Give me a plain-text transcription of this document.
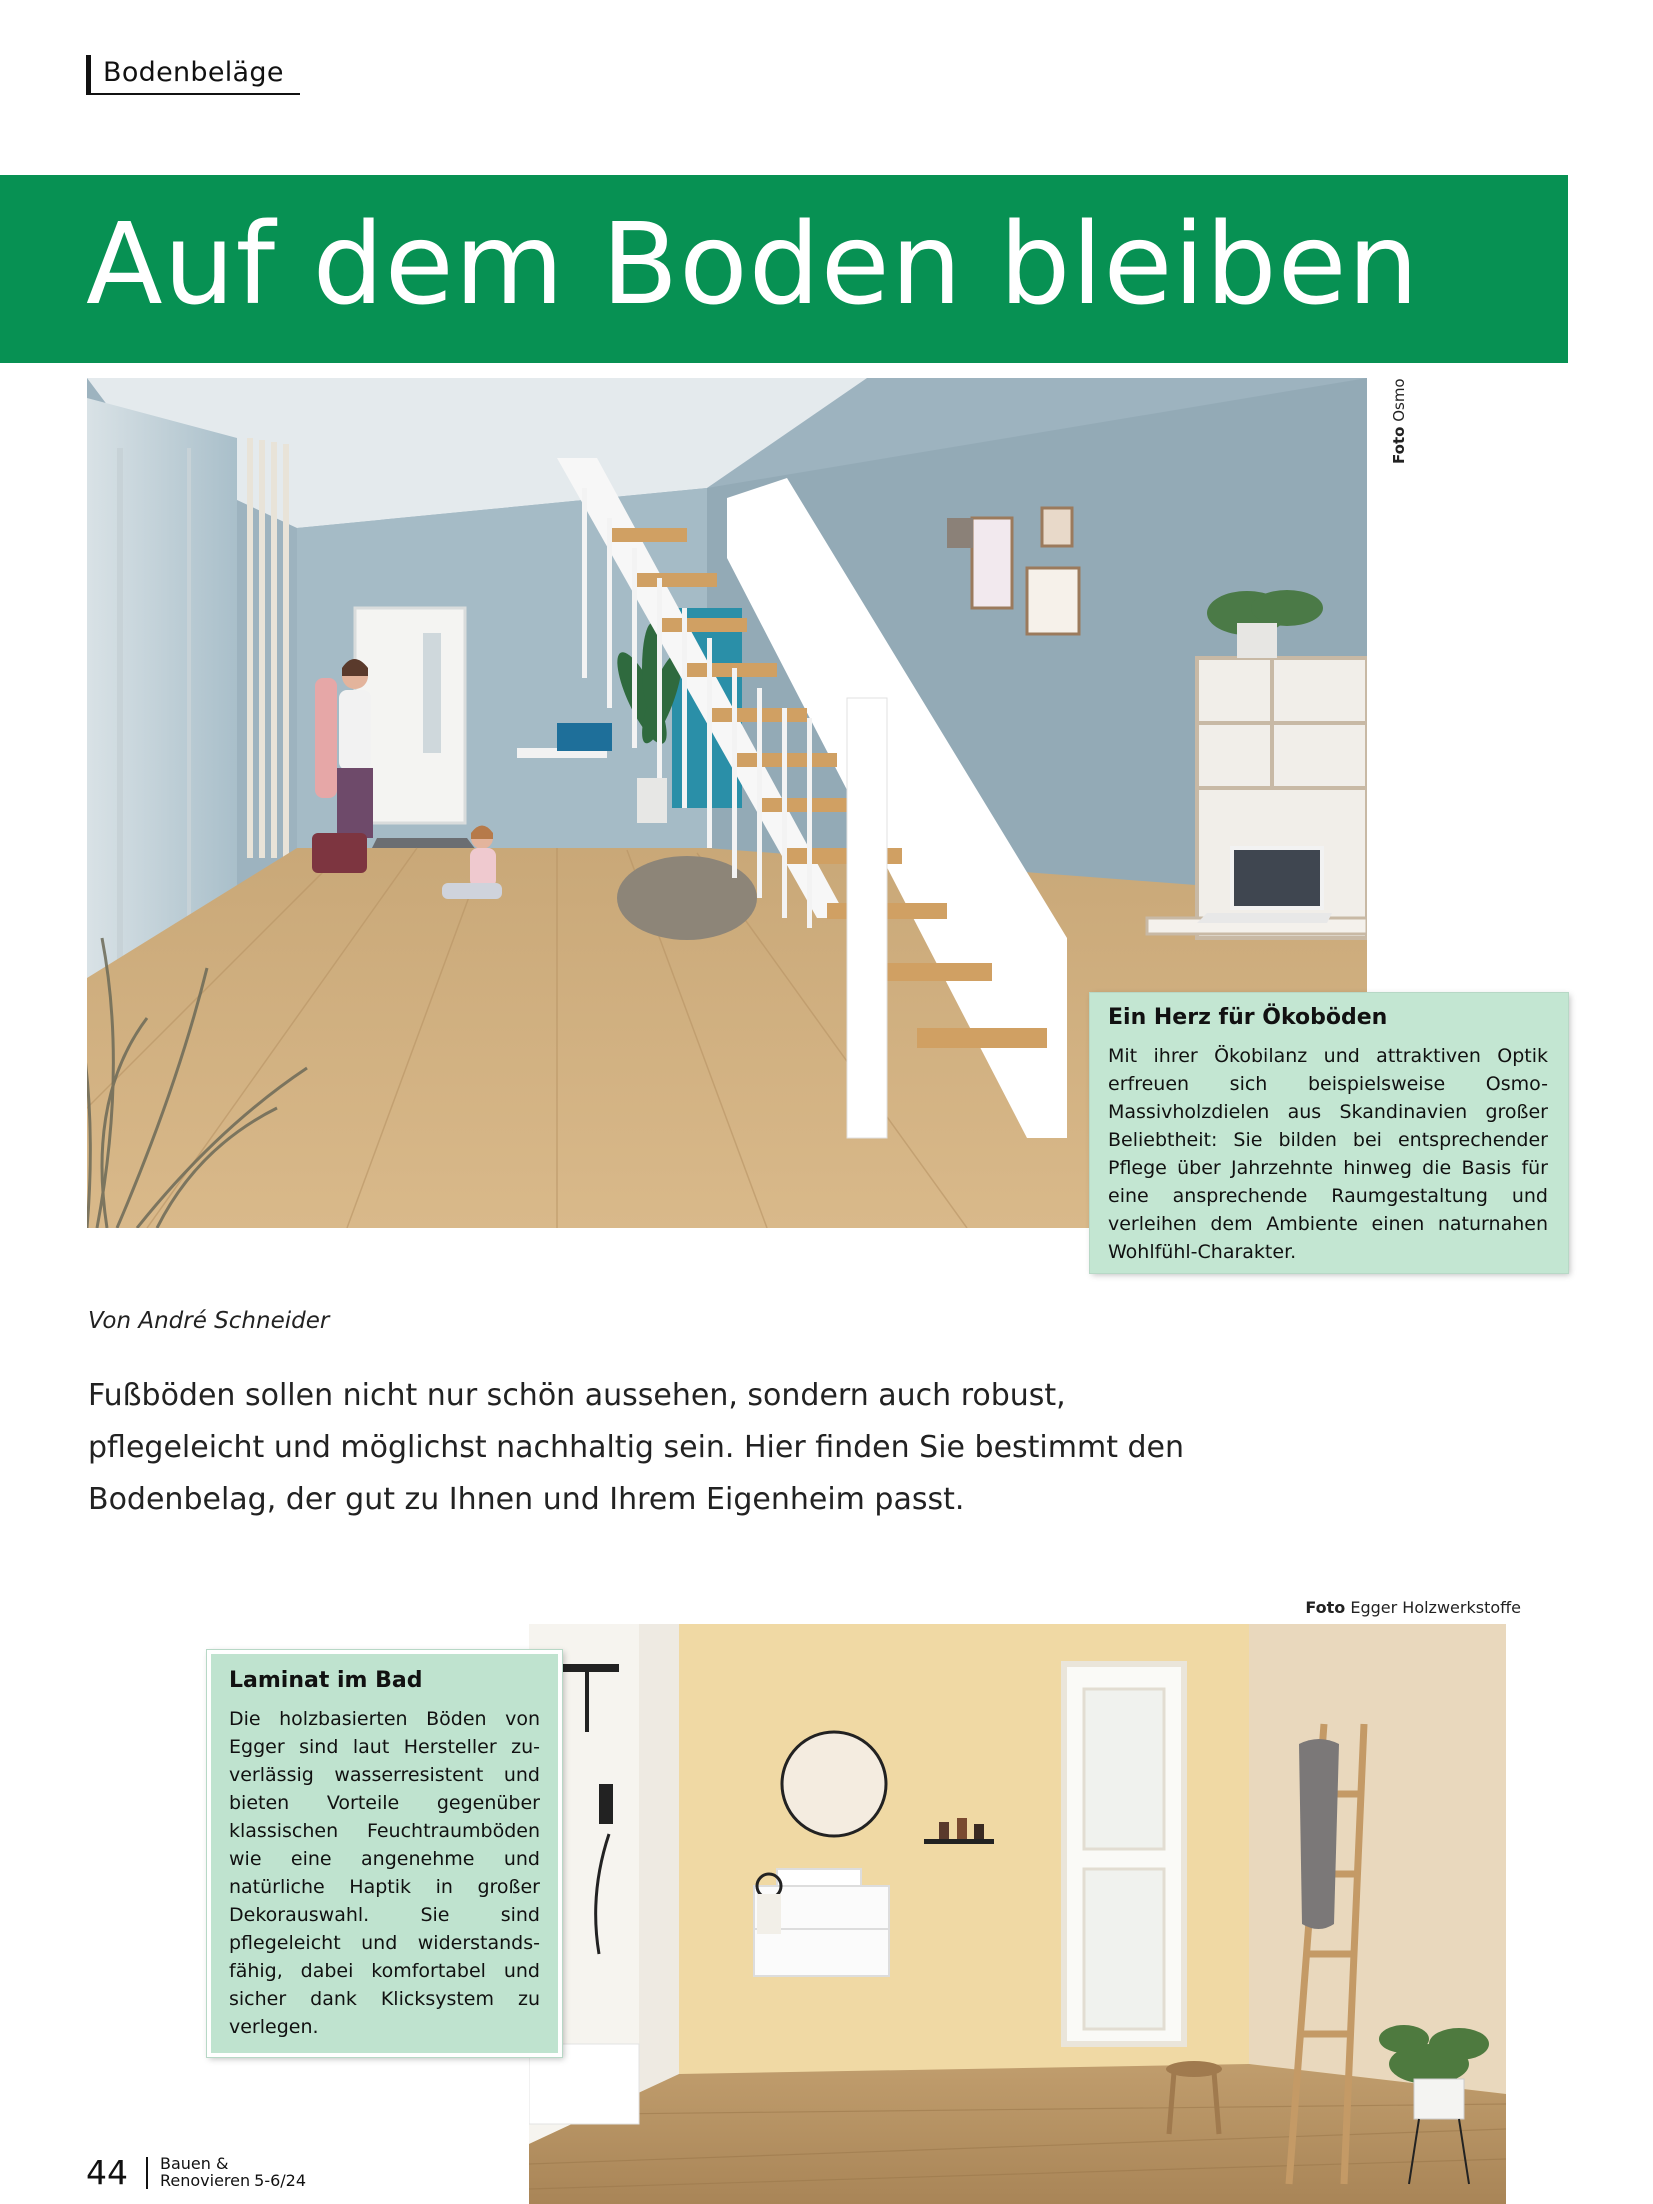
Bodenbeläge
Auf dem Boden bleiben
Foto Osmo
Ein Herz für Ökoböden

Mit ihrer Ökobilanz und attraktiven Optik erfreuen sich beispielsweise Osmo-Massivholzdielen aus Skandinavien großer Beliebtheit: Sie bilden bei entsprechender Pflege über Jahrzehnte hinweg die Basis für eine ansprechende Raumgestaltung und verleihen dem Ambiente einen naturnahen Wohlfühl-Charakter.

Von André Schneider

Fußböden sollen nicht nur schön aussehen, sondern auch robust, pflegeleicht und möglichst nachhaltig sein. Hier finden Sie bestimmt den Bodenbelag, der gut zu Ihnen und Ihrem Eigenheim passt.

Foto Egger Holzwerkstoffe
Laminat im Bad

Die holzbasierten Böden von Egger sind laut Hersteller zuverlässig wasserresistent und bieten Vorteile gegenüber klassischen Feuchtraumböden wie eine angenehme und natürliche Haptik in großer Dekorauswahl. Sie sind pflegeleicht und widerstandsfähig, dabei komfortabel und sicher dank Klicksystem zu verlegen.

44 Bauen &
Renovieren 5-6/24
